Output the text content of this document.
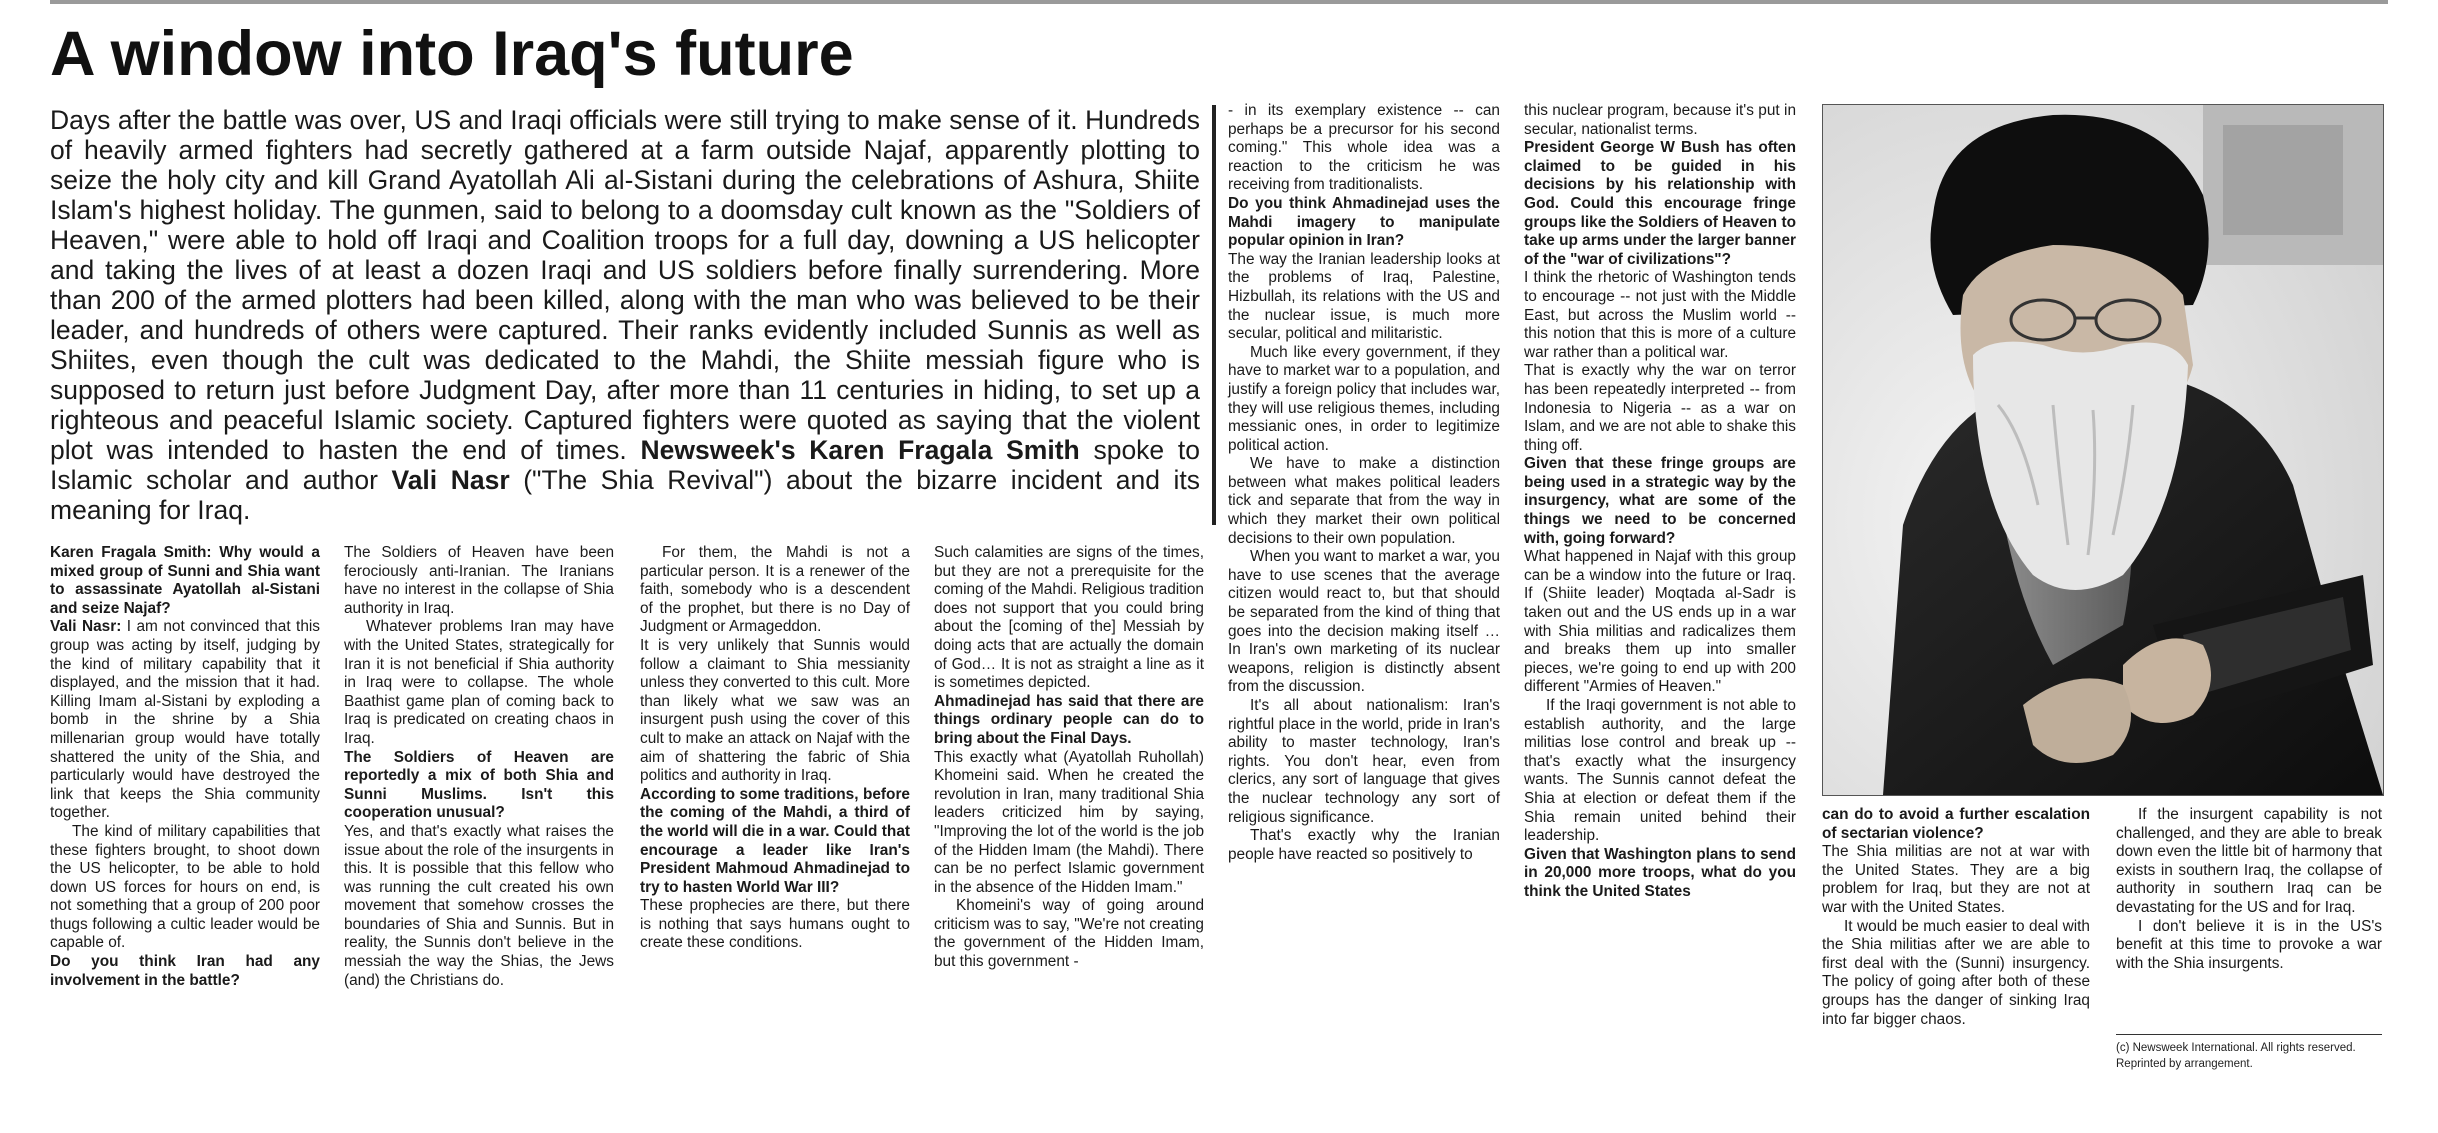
A window into Iraq's future

Days after the battle was over, US and Iraqi officials were still trying to make sense of it. Hundreds of heavily armed fighters had secretly gathered at a farm outside Najaf, apparently plotting to seize the holy city and kill Grand Ayatollah Ali al-Sistani during the celebrations of Ashura, Shiite Islam's highest holiday. The gunmen, said to belong to a doomsday cult known as the "Soldiers of Heaven," were able to hold off Iraqi and Coalition troops for a full day, downing a US helicopter and taking the lives of at least a dozen Iraqi and US soldiers before finally surrendering. More than 200 of the armed plotters had been killed, along with the man who was believed to be their leader, and hundreds of others were captured. Their ranks evidently included Sunnis as well as Shiites, even though the cult was dedicated to the Mahdi, the Shiite messiah figure who is supposed to return just before Judgment Day, after more than 11 centuries in hiding, to set up a righteous and peaceful Islamic society. Captured fighters were quoted as saying that the violent plot was intended to hasten the end of times. Newsweek's Karen Fragala Smith spoke to Islamic scholar and author Vali Nasr ("The Shia Revival") about the bizarre incident and its meaning for Iraq.

Karen Fragala Smith: Why would a mixed group of Sunni and Shia want to assassinate Ayatollah al-Sistani and seize Najaf?

Vali Nasr: I am not convinced that this group was acting by itself, judging by the kind of military capability that it displayed, and the mission that it had. Killing Imam al-Sistani by exploding a bomb in the shrine by a Shia millenarian group would have totally shattered the unity of the Shia, and particularly would have destroyed the link that keeps the Shia community together.

The kind of military capabilities that these fighters brought, to shoot down the US helicopter, to be able to hold down US forces for hours on end, is not something that a group of 200 poor thugs following a cultic leader would be capable of.

Do you think Iran had any involvement in the battle?

The Soldiers of Heaven have been ferociously anti-Iranian. The Iranians have no interest in the collapse of Shia authority in Iraq.

Whatever problems Iran may have with the United States, strategically for Iran it is not beneficial if Shia authority in Iraq were to collapse. The whole Baathist game plan of coming back to Iraq is predicated on creating chaos in Iraq.

The Soldiers of Heaven are reportedly a mix of both Shia and Sunni Muslims. Isn't this cooperation unusual?

Yes, and that's exactly what raises the issue about the role of the insurgents in this. It is possible that this fellow who was running the cult created his own movement that somehow crosses the boundaries of Shia and Sunnis. But in reality, the Sunnis don't believe in the messiah the way the Shias, the Jews (and) the Christians do.

For them, the Mahdi is not a particular person. It is a renewer of the faith, somebody who is a descendent of the prophet, but there is no Day of Judgment or Armageddon.

It is very unlikely that Sunnis would follow a claimant to Shia messianity unless they converted to this cult. More than likely what we saw was an insurgent push using the cover of this cult to make an attack on Najaf with the aim of shattering the fabric of Shia politics and authority in Iraq.

According to some traditions, before the coming of the Mahdi, a third of the world will die in a war. Could that encourage a leader like Iran's President Mahmoud Ahmadinejad to try to hasten World War III?

These prophecies are there, but there is nothing that says humans ought to create these conditions.

Such calamities are signs of the times, but they are not a prerequisite for the coming of the Mahdi. Religious tradition does not support that you could bring about the [coming of the] Messiah by doing acts that are actually the domain of God… It is not as straight a line as it is sometimes depicted.

Ahmadinejad has said that there are things ordinary people can do to bring about the Final Days.

This exactly what (Ayatollah Ruhollah) Khomeini said. When he created the revolution in Iran, many traditional Shia leaders criticized him by saying, "Improving the lot of the world is the job of the Hidden Imam (the Mahdi). There can be no perfect Islamic government in the absence of the Hidden Imam."

Khomeini's way of going around criticism was to say, "We're not creating the government of the Hidden Imam, but this government -

- in its exemplary existence -- can perhaps be a precursor for his second coming." This whole idea was a reaction to the criticism he was receiving from traditionalists.

Do you think Ahmadinejad uses the Mahdi imagery to manipulate popular opinion in Iran?

The way the Iranian leadership looks at the problems of Iraq, Palestine, Hizbullah, its relations with the US and the nuclear issue, is much more secular, political and militaristic.

Much like every government, if they have to market war to a population, and justify a foreign policy that includes war, they will use religious themes, including messianic ones, in order to legitimize political action.

We have to make a distinction between what makes political leaders tick and separate that from the way in which they market their own political decisions to their own population.

When you want to market a war, you have to use scenes that the average citizen would react to, but that should be separated from the kind of thing that goes into the decision making itself … In Iran's own marketing of its nuclear weapons, religion is distinctly absent from the discussion.

It's all about nationalism: Iran's rightful place in the world, pride in Iran's ability to master technology, Iran's rights. You don't hear, even from clerics, any sort of language that gives the nuclear technology any sort of religious significance.

That's exactly why the Iranian people have reacted so positively to

this nuclear program, because it's put in secular, nationalist terms.

President George W Bush has often claimed to be guided in his decisions by his relationship with God. Could this encourage fringe groups like the Soldiers of Heaven to take up arms under the larger banner of the "war of civilizations"?

I think the rhetoric of Washington tends to encourage -- not just with the Middle East, but across the Muslim world -- this notion that this is more of a culture war rather than a political war.

That is exactly why the war on terror has been repeatedly interpreted -- from Indonesia to Nigeria -- as a war on Islam, and we are not able to shake this thing off.

Given that these fringe groups are being used in a strategic way by the insurgency, what are some of the things we need to be concerned with, going forward?

What happened in Najaf with this group can be a window into the future or Iraq. If (Shiite leader) Moqtada al-Sadr is taken out and the US ends up in a war with Shia militias and radicalizes them and breaks them up into smaller pieces, we're going to end up with 200 different "Armies of Heaven."

If the Iraqi government is not able to establish authority, and the large militias lose control and break up -- that's exactly what the insurgency wants. The Sunnis cannot defeat the Shia at election or defeat them if the Shia remain united behind their leadership.

Given that Washington plans to send in 20,000 more troops, what do you think the United States

can do to avoid a further escalation of sectarian violence?

The Shia militias are not at war with the United States. They are a big problem for Iraq, but they are not at war with the United States.

It would be much easier to deal with the Shia militias after we are able to first deal with the (Sunni) insurgency. The policy of going after both of these groups has the danger of sinking Iraq into far bigger chaos.

If the insurgent capability is not challenged, and they are able to break down even the little bit of harmony that exists in southern Iraq, the collapse of authority in southern Iraq can be devastating for the US and for Iraq.

I don't believe it is in the US's benefit at this time to provoke a war with the Shia insurgents.

(c) Newsweek International. All rights reserved.
Reprinted by arrangement.
